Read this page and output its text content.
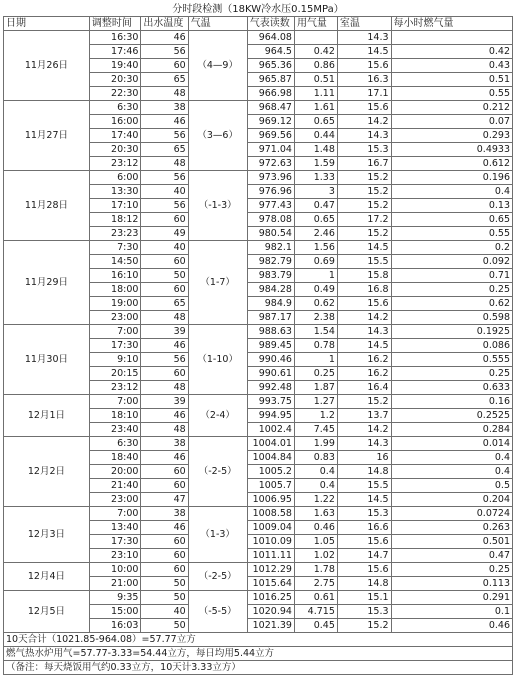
分时段检测（18KW冷水压0.15MPa）							
日期	调整时间	出水温度	气温	气表读数	用气量	室温	每小时燃气量
11月26日	16:30	46	（4—9）	964.08		14.3	
	17:46	56		964.5	0.42	14.5	0.42
	19:40	60		965.36	0.86	15.6	0.43
	20:30	65		965.87	0.51	16.3	0.51
	22:30	48		966.98	1.11	17.1	0.55
11月27日	6:30	38	（3—6）	968.47	1.61	15.6	0.212
	16:00	46		969.12	0.65	14.2	0.07
	17:40	56		969.56	0.44	14.3	0.293
	20:30	65		971.04	1.48	15.3	0.4933
	23:12	48		972.63	1.59	16.7	0.612
11月28日	6:00	56	（-1-3）	973.96	1.33	15.2	0.196
	13:30	40		976.96	3	15.2	0.4
	17:10	56		977.43	0.47	15.2	0.13
	18:12	60		978.08	0.65	17.2	0.65
	23:23	49		980.54	2.46	15.2	0.55
11月29日	7:30	40	（1-7）	982.1	1.56	14.5	0.2
	14:50	60		982.79	0.69	15.5	0.092
	16:10	50		983.79	1	15.8	0.71
	18:00	60		984.28	0.49	16.8	0.25
	19:00	65		984.9	0.62	15.6	0.62
	23:00	48		987.17	2.38	14.2	0.598
11月30日	7:00	39	（1-10）	988.63	1.54	14.3	0.1925
	17:30	46		989.45	0.78	14.5	0.086
	9:10	56		990.46	1	16.2	0.555
	20:15	60		990.61	0.25	16.2	0.25
	23:12	48		992.48	1.87	16.4	0.633
12月1日	7:00	39	（2-4）	993.75	1.27	15.2	0.16
	18:10	46		994.95	1.2	13.7	0.2525
	23:40	48		1002.4	7.45	14.2	0.284
12月2日	6:30	38	（-2-5）	1004.01	1.99	14.3	0.014
	18:40	46		1004.84	0.83	16	0.4
	20:00	60		1005.2	0.4	14.8	0.4
	21:40	60		1005.7	0.4	15.5	0.5
	23:00	47		1006.95	1.22	14.5	0.204
12月3日	7:00	38	（1-3）	1008.58	1.63	15.3	0.0724
	13:40	46		1009.04	0.46	16.6	0.263
	17:30	60		1010.09	1.05	15.6	0.501
	23:10	60		1011.11	1.02	14.7	0.47
12月4日	10:00	60	（-2-5）	1012.29	1.78	15.6	0.25
	21:00	50		1015.64	2.75	14.8	0.113
12月5日	9:35	50	（-5-5）	1016.25	0.61	15.1	0.291
	15:00	40		1020.94	4.715	15.3	0.1
	16:03	50		1021.39	0.45	15.2	0.46
10天合计（1021.85-964.08）=57.77立方							
燃气热水炉用气=57.77-3.33=54.44立方，每日均用5.44立方							
（备注：每天烧饭用气约0.33立方，10天计3.33立方）							
